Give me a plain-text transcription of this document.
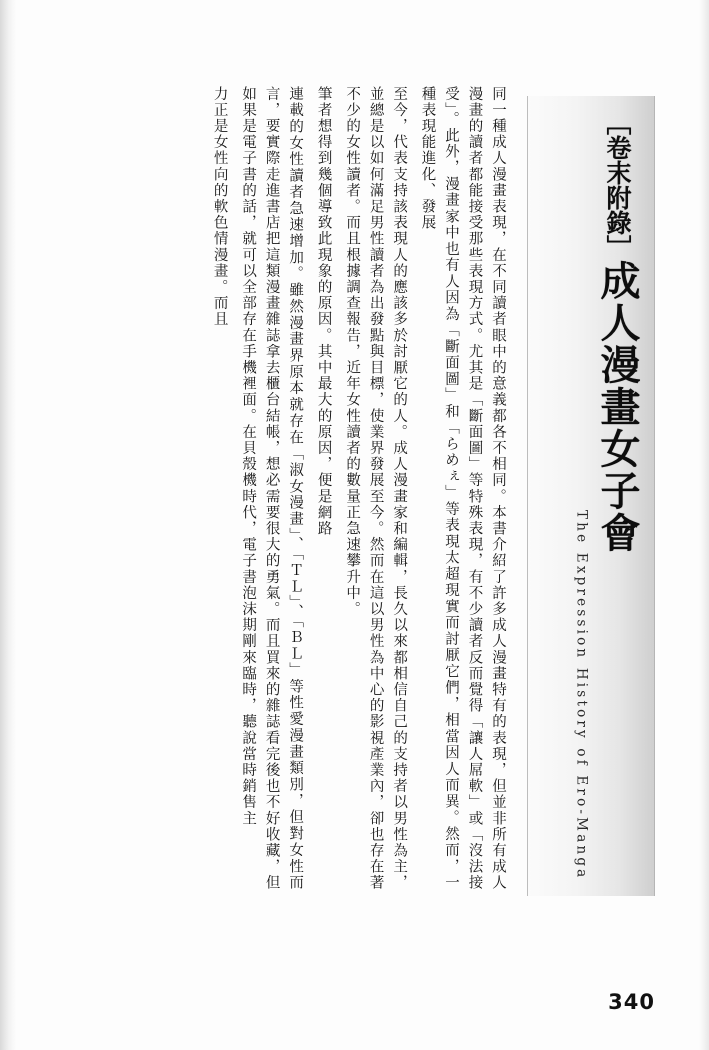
［卷末附錄］成人漫畫女子會
The Expression History of Ero-Manga
同一種成人漫畫表現，在不同讀者眼中的意義都各不相同。本書介紹了許多成人漫畫特有的表現，但並非所有成人漫畫的讀者都能接受那些表現方式。尤其是「斷面圖」等特殊表現，有不少讀者反而覺得「讓人屌軟」或「沒法接受」。此外，漫畫家中也有人因為「斷面圖」和「らめぇ」等表現太超現實而討厭它們，相當因人而異。然而，一種表現能進化、發展
至今，代表支持該表現人的應該多於討厭它的人。成人漫畫家和編輯，長久以來都相信自己的支持者以男性為主，並總是以如何滿足男性讀者為出發點與目標，使業界發展至今。然而在這以男性為中心的影視產業內，卻也存在著不少的女性讀者。而且根據調查報告，近年女性讀者的數量正急速攀升中。
筆者想得到幾個導致此現象的原因。其中最大的原因，便是網路
連載的女性讀者急速增加。雖然漫畫界原本就存在「淑女漫畫」、「ＴＬ」、「ＢＬ」等性愛漫畫類別，但對女性而言，要實際走進書店把這類漫畫雜誌拿去櫃台結帳，想必需要很大的勇氣。而且買來的雜誌看完後也不好收藏，但如果是電子書的話，就可以全部存在手機裡面。在貝殼機時代，電子書泡沫期剛來臨時，聽說當時銷售主
力正是女性向的軟色情漫畫。而且
340
